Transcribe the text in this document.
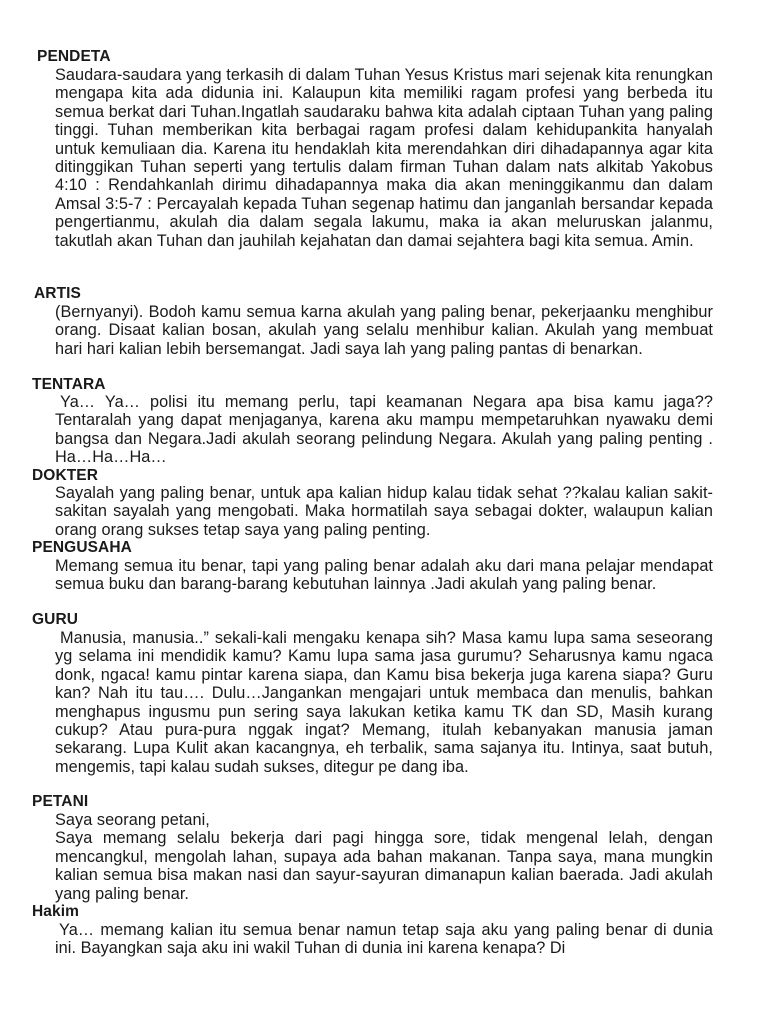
PENDETA

Saudara-saudara yang terkasih di dalam Tuhan Yesus Kristus mari sejenak kita renungkan mengapa kita ada didunia ini. Kalaupun kita memiliki ragam profesi yang berbeda itu semua berkat dari Tuhan.Ingatlah saudaraku bahwa kita adalah ciptaan Tuhan yang paling tinggi. Tuhan memberikan kita berbagai ragam profesi dalam kehidupankita hanyalah untuk kemuliaan dia. Karena itu hendaklah kita merendahkan diri dihadapannya agar kita ditinggikan Tuhan seperti yang tertulis dalam firman Tuhan dalam nats alkitab Yakobus 4:10 : Rendahkanlah dirimu dihadapannya maka dia akan meninggikanmu dan dalam Amsal 3:5-7 : Percayalah kepada Tuhan segenap hatimu dan janganlah bersandar kepada pengertianmu, akulah dia dalam segala lakumu, maka ia akan meluruskan jalanmu, takutlah akan Tuhan dan jauhilah kejahatan dan damai sejahtera bagi kita semua. Amin.

ARTIS

(Bernyanyi). Bodoh kamu semua karna akulah yang paling benar, pekerjaanku menghibur orang. Disaat kalian bosan, akulah yang selalu menhibur kalian. Akulah yang membuat hari hari kalian lebih bersemangat. Jadi saya lah yang paling pantas di benarkan.

TENTARA

Ya… Ya… polisi itu memang perlu, tapi keamanan Negara apa bisa kamu jaga?? Tentaralah yang dapat menjaganya, karena aku mampu mempetaruhkan nyawaku demi bangsa dan Negara.Jadi akulah seorang pelindung Negara. Akulah yang paling penting . Ha…Ha…Ha…

DOKTER

Sayalah yang paling benar, untuk apa kalian hidup kalau tidak sehat ??kalau kalian sakit-sakitan sayalah yang mengobati. Maka hormatilah saya sebagai dokter, walaupun kalian orang orang sukses tetap saya yang paling penting.

PENGUSAHA

Memang semua itu benar, tapi yang paling benar adalah aku dari mana pelajar mendapat semua buku dan barang-barang kebutuhan lainnya .Jadi akulah yang paling benar.

GURU

Manusia, manusia..” sekali-kali mengaku kenapa sih? Masa kamu lupa sama seseorang yg selama ini mendidik kamu? Kamu lupa sama jasa gurumu? Seharusnya kamu ngaca donk, ngaca! kamu pintar karena siapa, dan Kamu bisa bekerja juga karena siapa? Guru kan? Nah itu tau…. Dulu…Jangankan mengajari untuk membaca dan menulis, bahkan menghapus ingusmu pun sering saya lakukan ketika kamu TK dan SD, Masih kurang cukup? Atau pura-pura nggak ingat? Memang, itulah kebanyakan manusia jaman sekarang. Lupa Kulit akan kacangnya, eh terbalik, sama sajanya itu. Intinya, saat butuh, mengemis, tapi kalau sudah sukses, ditegur pe dang iba.

PETANI

Saya seorang petani,

Saya memang selalu bekerja dari pagi hingga sore, tidak mengenal lelah, dengan mencangkul, mengolah lahan, supaya ada bahan makanan. Tanpa saya, mana mungkin kalian semua bisa makan nasi dan sayur-sayuran dimanapun kalian baerada. Jadi akulah yang paling benar.

Hakim

Ya… memang kalian itu semua benar namun tetap saja aku yang paling benar di dunia ini. Bayangkan saja aku ini wakil Tuhan di dunia ini karena kenapa? Di
